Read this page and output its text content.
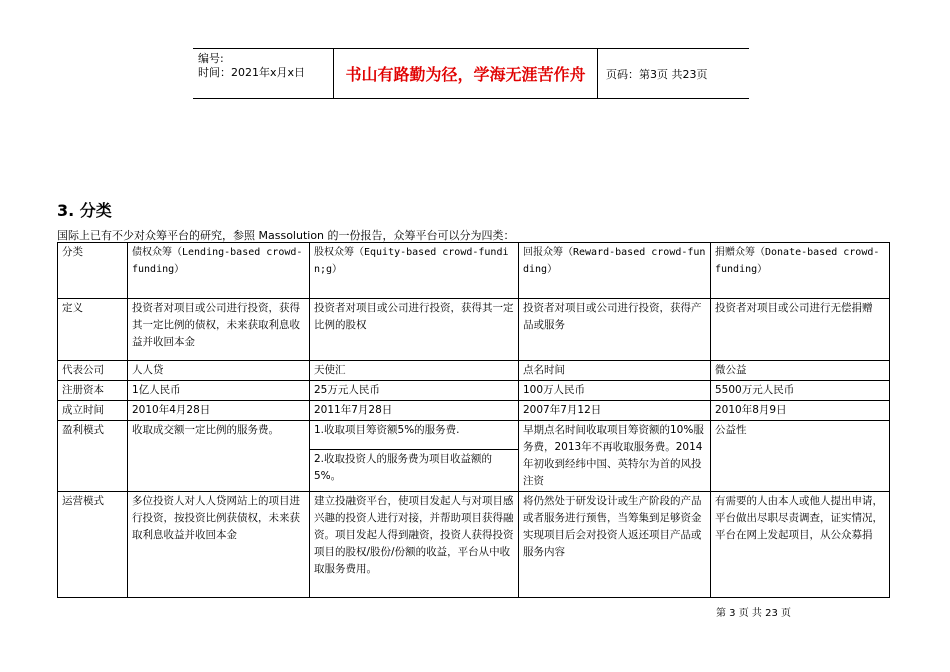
编号:
时间：2021年x月x日	书山有路勤为径，学海无涯苦作舟	页码：第3页 共23页
3. 分类
国际上已有不少对众筹平台的研究，参照 Massolution 的一份报告，众筹平台可以分为四类：
分类	债权众筹（Lending-based crowd-funding）	股权众筹（Equity-based crowd-fundin;g）	回报众筹（Reward-based crowd-funding）	捐赠众筹（Donate-based crowd-funding）
定义	投资者对项目或公司进行投资，获得其一定比例的债权，未来获取利息收益并收回本金	投资者对项目或公司进行投资，获得其一定比例的股权	投资者对项目或公司进行投资，获得产品或服务	投资者对项目或公司进行无偿捐赠
代表公司	人人贷	天使汇	点名时间	微公益
注册资本	1亿人民币	25万元人民币	100万人民币	5500万元人民币
成立时间	2010年4月28日	2011年7月28日	2007年7月12日	2010年8月9日
盈利模式	收取成交额一定比例的服务费。	1.收取项目筹资额5%的服务费.	早期点名时间收取项目筹资额的10%服务费，2013年不再收取服务费。2014年初收到经纬中国、英特尔为首的风投注资	公益性
		2.收取投资人的服务费为项目收益额的5%。		
运营模式	多位投资人对人人贷网站上的项目进行投资，按投资比例获债权，未来获取利息收益并收回本金	建立投融资平台，使项目发起人与对项目感兴趣的投资人进行对接，并帮助项目获得融资。项目发起人得到融资，投资人获得投资项目的股权/股份/份额的收益，平台从中收取服务费用。	将仍然处于研发设计或生产阶段的产品或者服务进行预售，当筹集到足够资金实现项目后会对投资人返还项目产品或服务内容	有需要的人由本人或他人提出申请，平台做出尽职尽责调查，证实情况，平台在网上发起项目，从公众募捐
第 3 页 共 23 页
